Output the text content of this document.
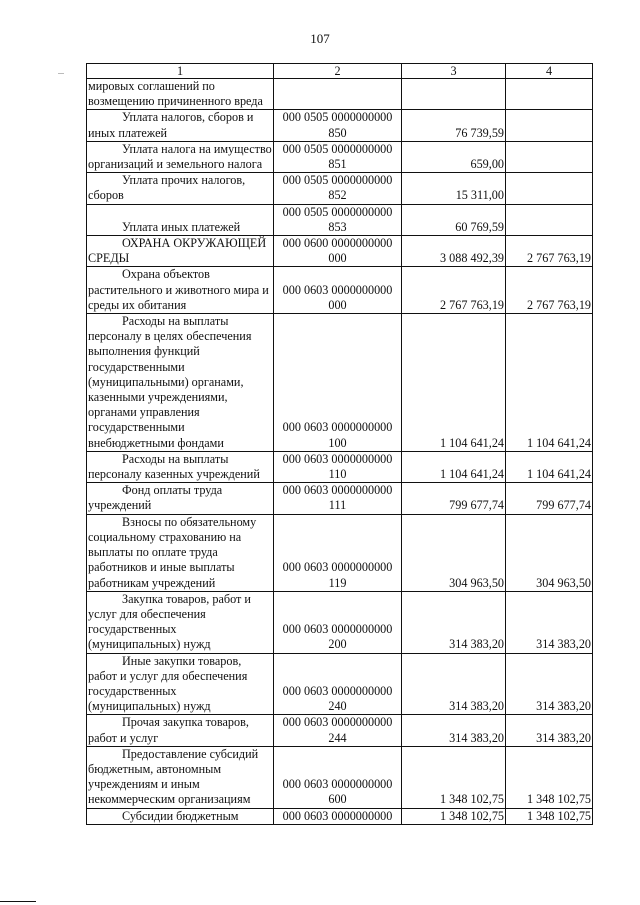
107
1	2	3	4
мировых соглашений по возмещению причиненного вреда			
Уплата налогов, сборов и иных платежей	000 0505 0000000000 850	76 739,59	
Уплата налога на имущество организаций и земельного налога	000 0505 0000000000 851	659,00	
Уплата прочих налогов, сборов	000 0505 0000000000 852	15 311,00	
Уплата иных платежей	000 0505 0000000000 853	60 769,59	
ОХРАНА ОКРУЖАЮЩЕЙ СРЕДЫ	000 0600 0000000000 000	3 088 492,39	2 767 763,19
Охрана объектов растительного и животного мира и среды их обитания	000 0603 0000000000 000	2 767 763,19	2 767 763,19
Расходы на выплаты персоналу в целях обеспечения выполнения функций государственными (муниципальными) органами, казенными учреждениями, органами управления государственными внебюджетными фондами	000 0603 0000000000 100	1 104 641,24	1 104 641,24
Расходы на выплаты персоналу казенных учреждений	000 0603 0000000000 110	1 104 641,24	1 104 641,24
Фонд оплаты труда учреждений	000 0603 0000000000 111	799 677,74	799 677,74
Взносы по обязательному социальному страхованию на выплаты по оплате труда работников и иные выплаты работникам учреждений	000 0603 0000000000 119	304 963,50	304 963,50
Закупка товаров, работ и услуг для обеспечения государственных (муниципальных) нужд	000 0603 0000000000 200	314 383,20	314 383,20
Иные закупки товаров, работ и услуг для обеспечения государственных (муниципальных) нужд	000 0603 0000000000 240	314 383,20	314 383,20
Прочая закупка товаров, работ и услуг	000 0603 0000000000 244	314 383,20	314 383,20
Предоставление субсидий бюджетным, автономным учреждениям и иным некоммерческим организациям	000 0603 0000000000 600	1 348 102,75	1 348 102,75
Субсидии бюджетным	000 0603 0000000000	1 348 102,75	1 348 102,75
